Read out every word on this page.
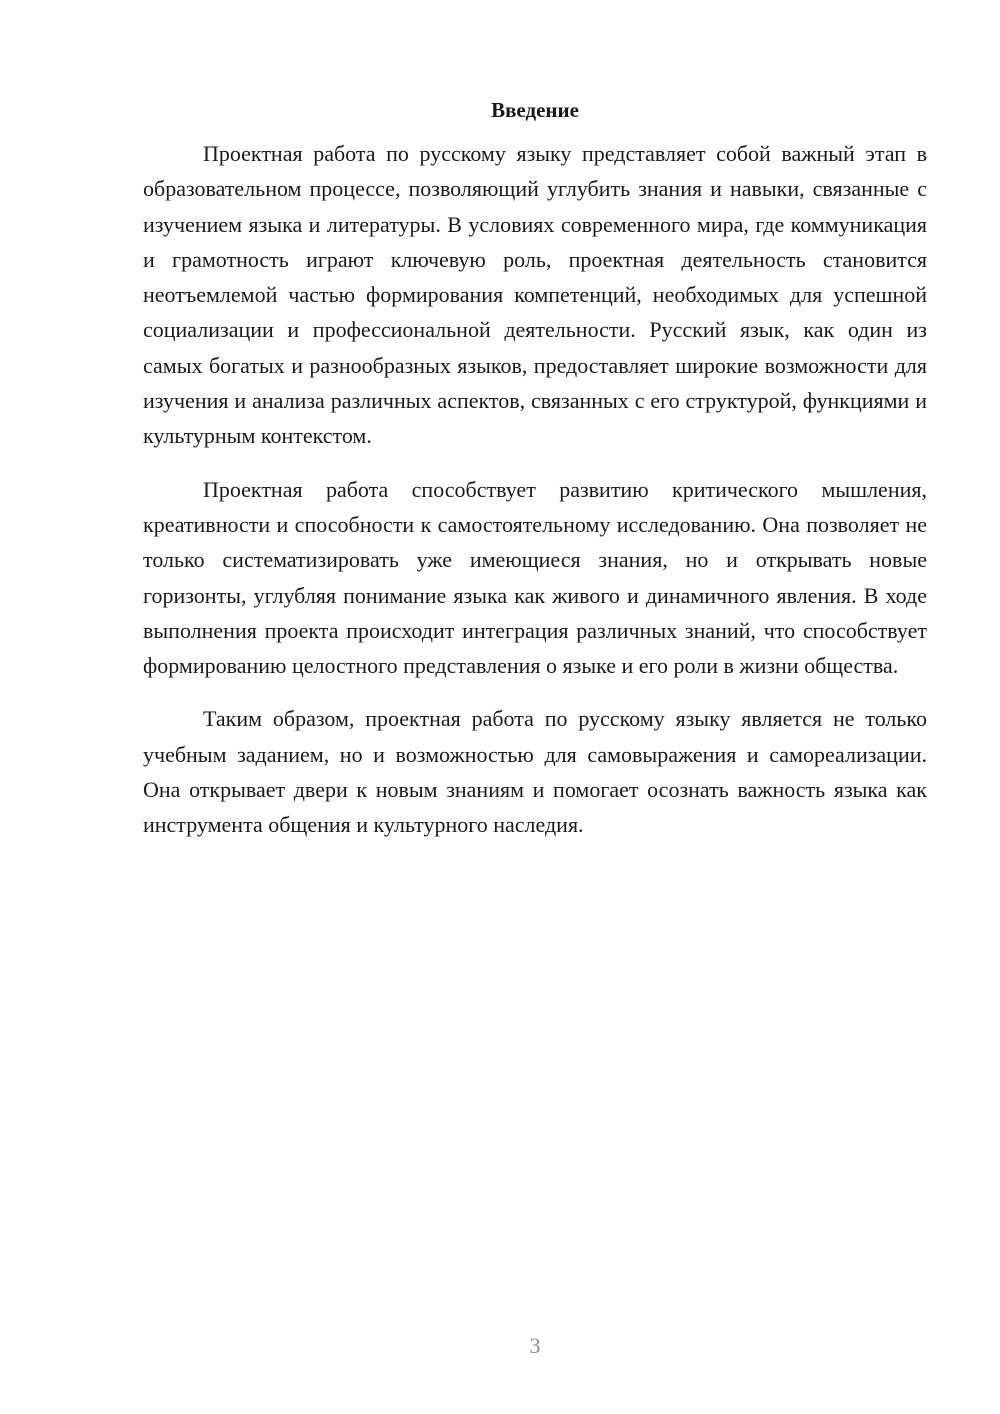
Введение

Проектная работа по русскому языку представляет собой важный этап в образовательном процессе, позволяющий углубить знания и навыки, связанные с изучением языка и литературы. В условиях современного мира, где коммуникация и грамотность играют ключевую роль, проектная деятельность становится неотъемлемой частью формирования компетенций, необходимых для успешной социализации и профессиональной деятельности. Русский язык, как один из самых богатых и разнообразных языков, предоставляет широкие возможности для изучения и анализа различных аспектов, связанных с его структурой, функциями и культурным контекстом.

Проектная работа способствует развитию критического мышления, креативности и способности к самостоятельному исследованию. Она позволяет не только систематизировать уже имеющиеся знания, но и открывать новые горизонты, углубляя понимание языка как живого и динамичного явления. В ходе выполнения проекта происходит интеграция различных знаний, что способствует формированию целостного представления о языке и его роли в жизни общества.

Таким образом, проектная работа по русскому языку является не только учебным заданием, но и возможностью для самовыражения и самореализации. Она открывает двери к новым знаниям и помогает осознать важность языка как инструмента общения и культурного наследия.

3
